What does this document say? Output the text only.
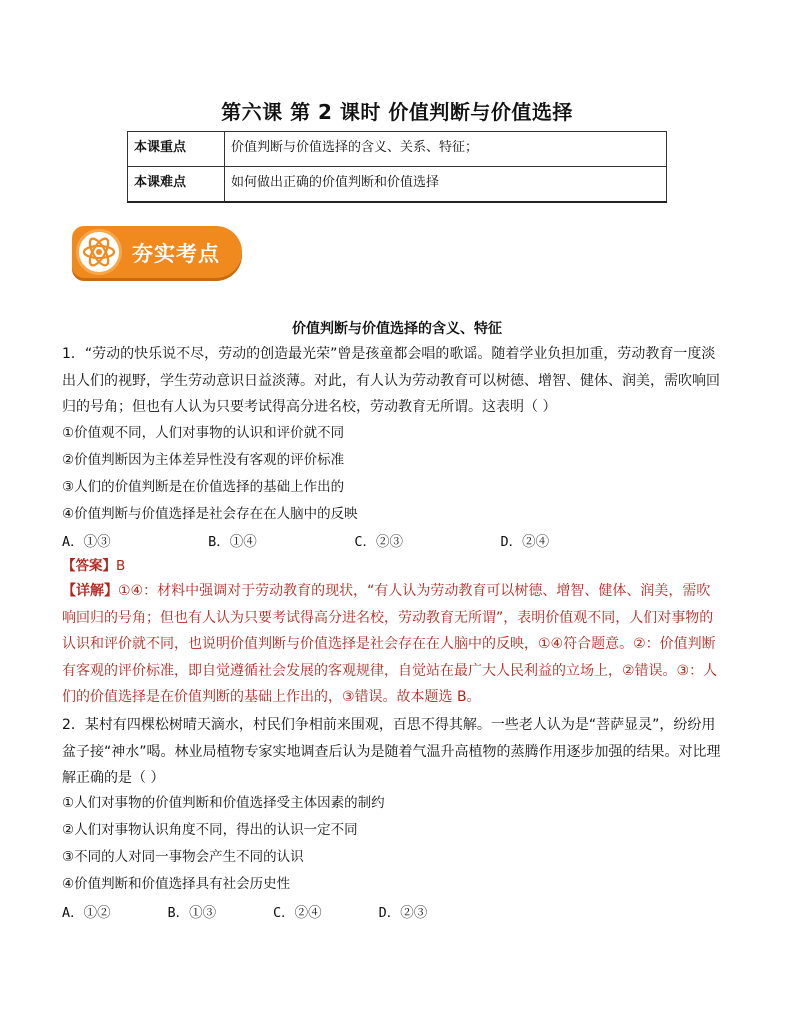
第六课 第 2 课时 价值判断与价值选择
本课重点	价值判断与价值选择的含义、关系、特征；
本课难点	如何做出正确的价值判断和价值选择
夯实考点
价值判断与价值选择的含义、特征
1．“劳动的快乐说不尽，劳动的创造最光荣”曾是孩童都会唱的歌谣。随着学业负担加重，劳动教育一度淡出人们的视野，学生劳动意识日益淡薄。对此，有人认为劳动教育可以树德、增智、健体、润美，需吹响回归的号角；但也有人认为只要考试得高分进名校，劳动教育无所谓。这表明（ ）
①价值观不同，人们对事物的认识和评价就不同
②价值判断因为主体差异性没有客观的评价标准
③人们的价值判断是在价值选择的基础上作出的
④价值判断与价值选择是社会存在在人脑中的反映
A．①③            B．①④            C．②③            D．②④
【答案】B
【详解】①④：材料中强调对于劳动教育的现状，“有人认为劳动教育可以树德、增智、健体、润美，需吹响回归的号角；但也有人认为只要考试得高分进名校，劳动教育无所谓”，表明价值观不同，人们对事物的认识和评价就不同，也说明价值判断与价值选择是社会存在在人脑中的反映，①④符合题意。②：价值判断有客观的评价标准，即自觉遵循社会发展的客观规律，自觉站在最广大人民利益的立场上，②错误。③：人们的价值选择是在价值判断的基础上作出的，③错误。故本题选 B。
2．某村有四棵松树晴天滴水，村民们争相前来围观，百思不得其解。一些老人认为是“菩萨显灵”，纷纷用盆子接“神水”喝。林业局植物专家实地调查后认为是随着气温升高植物的蒸腾作用逐步加强的结果。对比理解正确的是（ ）
①人们对事物的价值判断和价值选择受主体因素的制约
②人们对事物认识角度不同，得出的认识一定不同
③不同的人对同一事物会产生不同的认识
④价值判断和价值选择具有社会历史性
A．①②       B．①③       C．②④       D．②③
